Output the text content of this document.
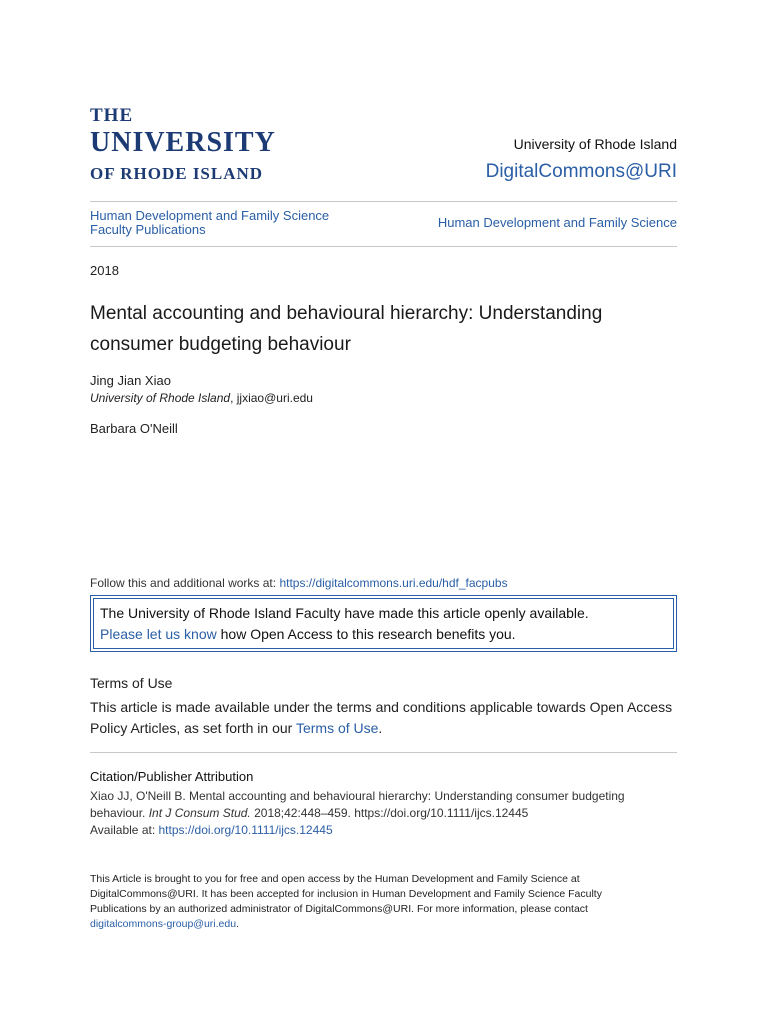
THE
UNIVERSITY
OF RHODE ISLAND
University of Rhode Island
DigitalCommons@URI
Human Development and Family Science
Faculty Publications	Human Development and Family Science
2018
Mental accounting and behavioural hierarchy: Understanding
consumer budgeting behaviour
Jing Jian Xiao
University of Rhode Island, jjxiao@uri.edu
Barbara O'Neill
Follow this and additional works at: https://digitalcommons.uri.edu/hdf_facpubs
The University of Rhode Island Faculty have made this article openly available.
Please let us know how Open Access to this research benefits you.
Terms of Use
This article is made available under the terms and conditions applicable towards Open Access
Policy Articles, as set forth in our Terms of Use.
Citation/Publisher Attribution
Xiao JJ, O'Neill B. Mental accounting and behavioural hierarchy: Understanding consumer budgeting
behaviour. Int J Consum Stud. 2018;42:448–459. https://doi.org/10.1111/ijcs.12445
Available at: https://doi.org/10.1111/ijcs.12445
This Article is brought to you for free and open access by the Human Development and Family Science at
DigitalCommons@URI. It has been accepted for inclusion in Human Development and Family Science Faculty
Publications by an authorized administrator of DigitalCommons@URI. For more information, please contact
digitalcommons-group@uri.edu.
